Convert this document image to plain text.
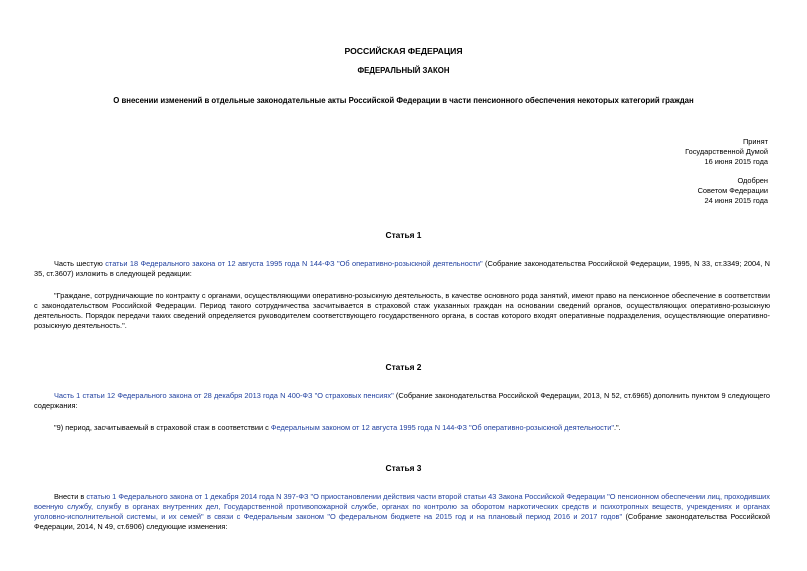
РОССИЙСКАЯ ФЕДЕРАЦИЯ
ФЕДЕРАЛЬНЫЙ ЗАКОН
О внесении изменений в отдельные законодательные акты Российской Федерации в части пенсионного обеспечения некоторых категорий граждан
Принят
Государственной Думой
16 июня 2015 года
Одобрен
Советом Федерации
24 июня 2015 года
Статья 1
Часть шестую статьи 18 Федерального закона от 12 августа 1995 года N 144-ФЗ "Об оперативно-розыскной деятельности" (Собрание законодательства Российской Федерации, 1995, N 33, ст.3349; 2004, N 35, ст.3607) изложить в следующей редакции:
"Граждане, сотрудничающие по контракту с органами, осуществляющими оперативно-розыскную деятельность, в качестве основного рода занятий, имеют право на пенсионное обеспечение в соответствии с законодательством Российской Федерации. Период такого сотрудничества засчитывается в страховой стаж указанных граждан на основании сведений органов, осуществляющих оперативно-розыскную деятельность. Порядок передачи таких сведений определяется руководителем соответствующего государственного органа, в состав которого входят оперативные подразделения, осуществляющие оперативно-розыскную деятельность.".
Статья 2
Часть 1 статьи 12 Федерального закона от 28 декабря 2013 года N 400-ФЗ "О страховых пенсиях" (Собрание законодательства Российской Федерации, 2013, N 52, ст.6965) дополнить пунктом 9 следующего содержания:
"9) период, засчитываемый в страховой стаж в соответствии с Федеральным законом от 12 августа 1995 года N 144-ФЗ "Об оперативно-розыскной деятельности".".
Статья 3
Внести в статью 1 Федерального закона от 1 декабря 2014 года N 397-ФЗ "О приостановлении действия части второй статьи 43 Закона Российской Федерации "О пенсионном обеспечении лиц, проходивших военную службу, службу в органах внутренних дел, Государственной противопожарной службе, органах по контролю за оборотом наркотических средств и психотропных веществ, учреждениях и органах уголовно-исполнительной системы, и их семей" в связи с Федеральным законом "О федеральном бюджете на 2015 год и на плановый период 2016 и 2017 годов" (Собрание законодательства Российской Федерации, 2014, N 49, ст.6906) следующие изменения:
